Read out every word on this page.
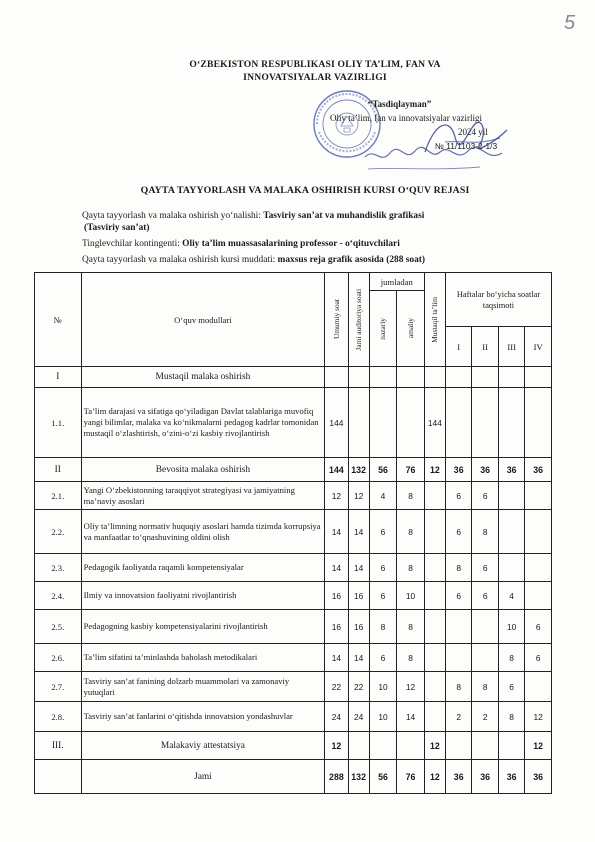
5
O‘ZBEKISTON RESPUBLIKASI OLIY TA’LIM, FAN VA INNOVATSIYALAR VAZIRLIGI
“Tasdiqlayman”
Oliy ta’lim, fan va innovatsiyalar vazirligi
2024 yil
№ 11/1103-2-1/3
QAYTA TAYYORLASH VA MALAKA OSHIRISH KURSI O‘QUV REJASI

Qayta tayyorlash va malaka oshirish yo‘nalishi: Tasviriy san’at va muhandislik grafikasi

(Tasviriy san’at)

Tinglevchilar kontingenti: Oliy ta’lim muassasalarining professor - o‘qituvchilari

Qayta tayyorlash va malaka oshirish kursi muddati: maxsus reja grafik asosida (288 soat)

№	O‘quv modullari	Umumiy soat	Jami auditoriya soati	jumladan		Mustaqil ta’lim	Haftalar bo‘yicha soatlar taqsimoti			

				nazariy	amaliy					

							I	II	III	IV
I	Mustaqil malaka oshirish									
1.1.	Ta’lim darajasi va sifatiga qo‘yiladigan Davlat talablariga muvofiq yangi bilimlar, malaka va ko‘nikmalarni pedagog kadrlar tomonidan mustaqil o‘zlashtirish, o‘zini-o‘zi kasbiy rivojlantirish	144				144				
II	Bevosita malaka oshirish	144	132	56	76	12	36	36	36	36
2.1.	Yangi O‘zbekistonning taraqqiyot strategiyasi va jamiyatning ma’naviy asoslari	12	12	4	8		6	6		
2.2.	Oliy ta’limning normativ huquqiy asoslari hamda tizimda korrupsiya va manfaatlar to‘qnashuvining oldini olish	14	14	6	8		6	8		
2.3.	Pedagogik faoliyatda raqamli kompetensiyalar	14	14	6	8		8	6		
2.4.	Ilmiy va innovatsion faoliyatni rivojlantirish	16	16	6	10		6	6	4	
2.5.	Pedagogning kasbiy kompetensiyalarini rivojlantirish	16	16	8	8				10	6
2.6.	Ta’lim sifatini ta’minlashda baholash metodikalari	14	14	6	8				8	6
2.7.	Tasviriy san’at fanining dolzarb muammolari va zamonaviy yutuqlari	22	22	10	12		8	8	6	
2.8.	Tasviriy san’at fanlarini o‘qitishda innovatsion yondashuvlar	24	24	10	14		2	2	8	12
III.	Malakaviy attestatsiya	12				12				12
	Jami	288	132	56	76	12	36	36	36	36
